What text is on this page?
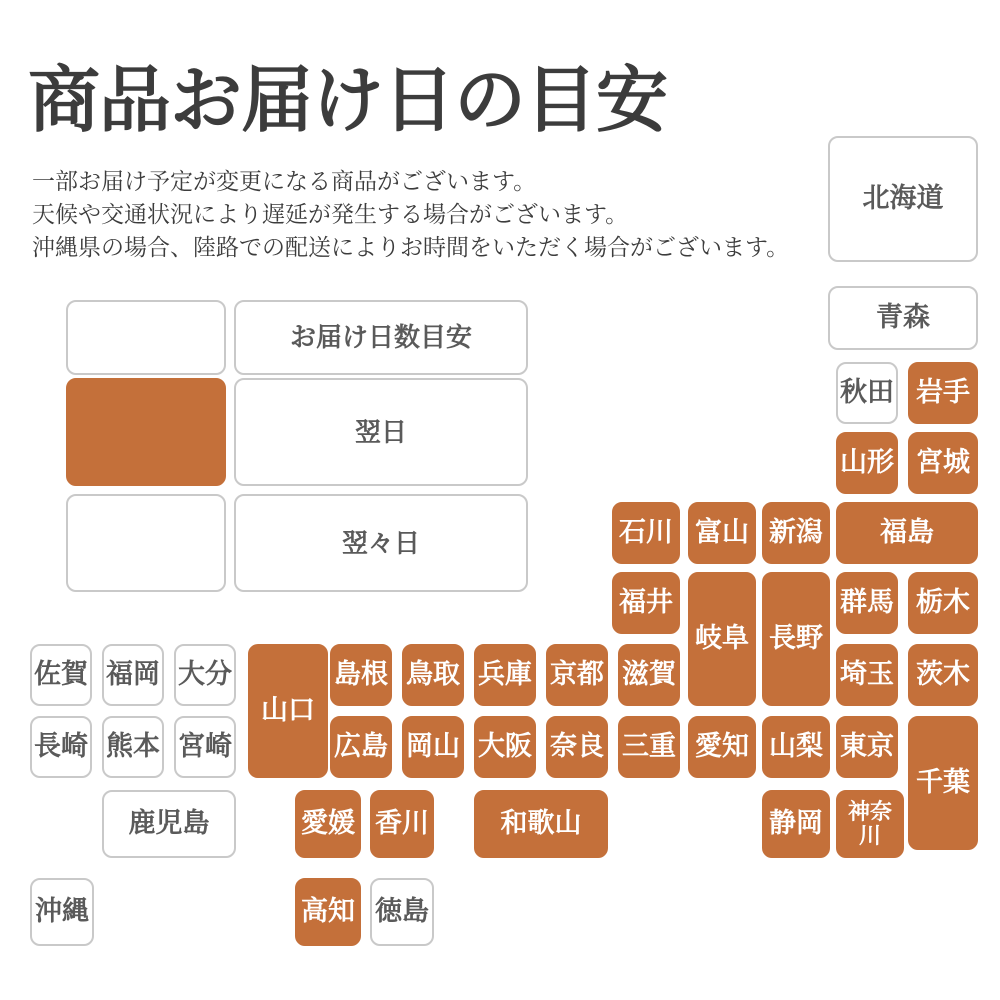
商品お届け日の目安
一部お届け予定が変更になる商品がございます。
天候や交通状況により遅延が発生する場合がございます。
沖縄県の場合、陸路での配送によりお時間をいただく場合がございます。
お届け日数目安
翌日
翌々日
北海道
青森
秋田 岩手
山形 宮城
石川 富山 新潟	福島
福井
岐阜 長野
群馬 栃木
佐賀 福岡 大分
山口
島根 鳥取 兵庫 京都 滋賀	埼玉 茨木
長崎 熊本 宮崎	広島 岡山 大阪 奈良 三重 愛知 山梨 東京
千葉
鹿児島	愛媛 香川	和歌山	静岡	神奈川
沖縄	高知 徳島
